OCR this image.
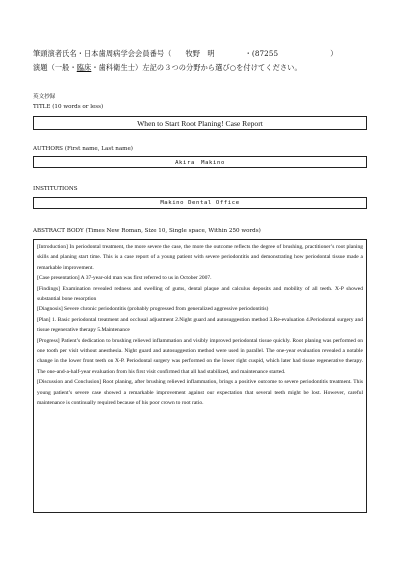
筆頭演者氏名・日本歯周病学会会員番号（ 牧野　明	・(87255	）
演題（一般・臨床・歯科衛生士）左記の３つの分野から選び○を付けてください。
英文抄録
TITLE (10 words or less)
When to Start Root Planing! Case Report
AUTHORS (First name, Last name)
Akira　Makino
INSTITUTIONS
Makino Dental Office
ABSTRACT BODY (Times New Roman, Size 10, Single space, Within 250 words)

[Introduction] In periodontal treatment, the more severe the case, the more the outcome reflects the degree of brushing, practitioner’s root planing skills and planing start time. This is a case report of a young patient with severe periodontitis and demonstrating how periodontal tissue made a remarkable improvement.

[Case presentation] A 37-year-old man was first referred to us in October 2007.

[Findings] Examination revealed redness and swelling of gums, dental plaque and calculus deposits and mobility of all teeth. X-P showed substantial bone resorption

[Diagnosis] Severe chronic periodontitis (probably progressed from generalized aggressive periodontitis)

[Plan] 1. Basic periodontal treatment and occlusal adjustment 2.Night guard and autosuggestion method 3.Re-evaluation 4.Periodontal surgery and tissue regenerative therapy 5.Maintenance

[Progress] Patient’s dedication to brushing relieved inflammation and visibly improved periodontal tissue quickly. Root planing was performed on one tooth per visit without anesthesia. Night guard and autosuggestion method were used in parallel. The one-year evaluation revealed a notable change in the lower front teeth on X-P. Periodontal surgery was performed on the lower right cuspid, which later had tissue regenerative therapy. The one-and-a-half-year evaluation from his first visit confirmed that all had stabilized, and maintenance started.

[Discussion and Conclusion] Root planing, after brushing relieved inflammation, brings a positive outcome to severe periodontitis treatment. This young patient’s severe case showed a remarkable improvement against our expectation that several teeth might be lost. However, careful maintenance is continually required because of his poor crown to root ratio.
